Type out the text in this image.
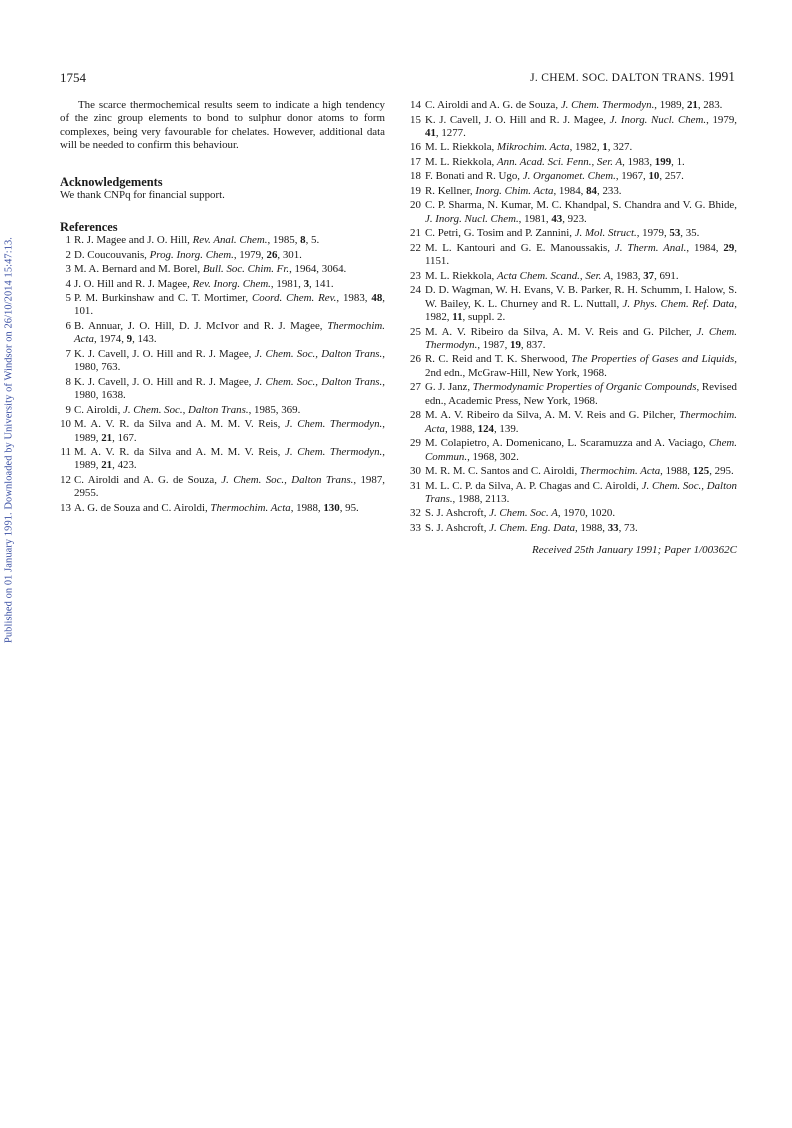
Published on 01 January 1991. Downloaded by University of Windsor on 26/10/2014 15:47:13.
1754	J. CHEM. SOC. DALTON TRANS. 1991

The scarce thermochemical results seem to indicate a high tendency of the zinc group elements to bond to sulphur donor atoms to form complexes, being very favourable for chelates. However, additional data will be needed to confirm this behaviour.

Acknowledgements

We thank CNPq for financial support.

References
1 R. J. Magee and J. O. Hill, Rev. Anal. Chem., 1985, 8, 5.
2 D. Coucouvanis, Prog. Inorg. Chem., 1979, 26, 301.
3 M. A. Bernard and M. Borel, Bull. Soc. Chim. Fr., 1964, 3064.
4 J. O. Hill and R. J. Magee, Rev. Inorg. Chem., 1981, 3, 141.
5 P. M. Burkinshaw and C. T. Mortimer, Coord. Chem. Rev., 1983, 48, 101.
6 B. Annuar, J. O. Hill, D. J. McIvor and R. J. Magee, Thermochim. Acta, 1974, 9, 143.
7 K. J. Cavell, J. O. Hill and R. J. Magee, J. Chem. Soc., Dalton Trans., 1980, 763.
8 K. J. Cavell, J. O. Hill and R. J. Magee, J. Chem. Soc., Dalton Trans., 1980, 1638.
9 C. Airoldi, J. Chem. Soc., Dalton Trans., 1985, 369.
10 M. A. V. R. da Silva and A. M. M. V. Reis, J. Chem. Thermodyn., 1989, 21, 167.
11 M. A. V. R. da Silva and A. M. M. V. Reis, J. Chem. Thermodyn., 1989, 21, 423.
12 C. Airoldi and A. G. de Souza, J. Chem. Soc., Dalton Trans., 1987, 2955.
13 A. G. de Souza and C. Airoldi, Thermochim. Acta, 1988, 130, 95.
14 C. Airoldi and A. G. de Souza, J. Chem. Thermodyn., 1989, 21, 283.
15 K. J. Cavell, J. O. Hill and R. J. Magee, J. Inorg. Nucl. Chem., 1979, 41, 1277.
16 M. L. Riekkola, Mikrochim. Acta, 1982, 1, 327.
17 M. L. Riekkola, Ann. Acad. Sci. Fenn., Ser. A, 1983, 199, 1.
18 F. Bonati and R. Ugo, J. Organomet. Chem., 1967, 10, 257.
19 R. Kellner, Inorg. Chim. Acta, 1984, 84, 233.
20 C. P. Sharma, N. Kumar, M. C. Khandpal, S. Chandra and V. G. Bhide, J. Inorg. Nucl. Chem., 1981, 43, 923.
21 C. Petri, G. Tosim and P. Zannini, J. Mol. Struct., 1979, 53, 35.
22 M. L. Kantouri and G. E. Manoussakis, J. Therm. Anal., 1984, 29, 1151.
23 M. L. Riekkola, Acta Chem. Scand., Ser. A, 1983, 37, 691.
24 D. D. Wagman, W. H. Evans, V. B. Parker, R. H. Schumm, I. Halow, S. W. Bailey, K. L. Churney and R. L. Nuttall, J. Phys. Chem. Ref. Data, 1982, 11, suppl. 2.
25 M. A. V. Ribeiro da Silva, A. M. V. Reis and G. Pilcher, J. Chem. Thermodyn., 1987, 19, 837.
26 R. C. Reid and T. K. Sherwood, The Properties of Gases and Liquids, 2nd edn., McGraw-Hill, New York, 1968.
27 G. J. Janz, Thermodynamic Properties of Organic Compounds, Revised edn., Academic Press, New York, 1968.
28 M. A. V. Ribeiro da Silva, A. M. V. Reis and G. Pilcher, Thermochim. Acta, 1988, 124, 139.
29 M. Colapietro, A. Domenicano, L. Scaramuzza and A. Vaciago, Chem. Commun., 1968, 302.
30 M. R. M. C. Santos and C. Airoldi, Thermochim. Acta, 1988, 125, 295.
31 M. L. C. P. da Silva, A. P. Chagas and C. Airoldi, J. Chem. Soc., Dalton Trans., 1988, 2113.
32 S. J. Ashcroft, J. Chem. Soc. A, 1970, 1020.
33 S. J. Ashcroft, J. Chem. Eng. Data, 1988, 33, 73.
Received 25th January 1991; Paper 1/00362C
